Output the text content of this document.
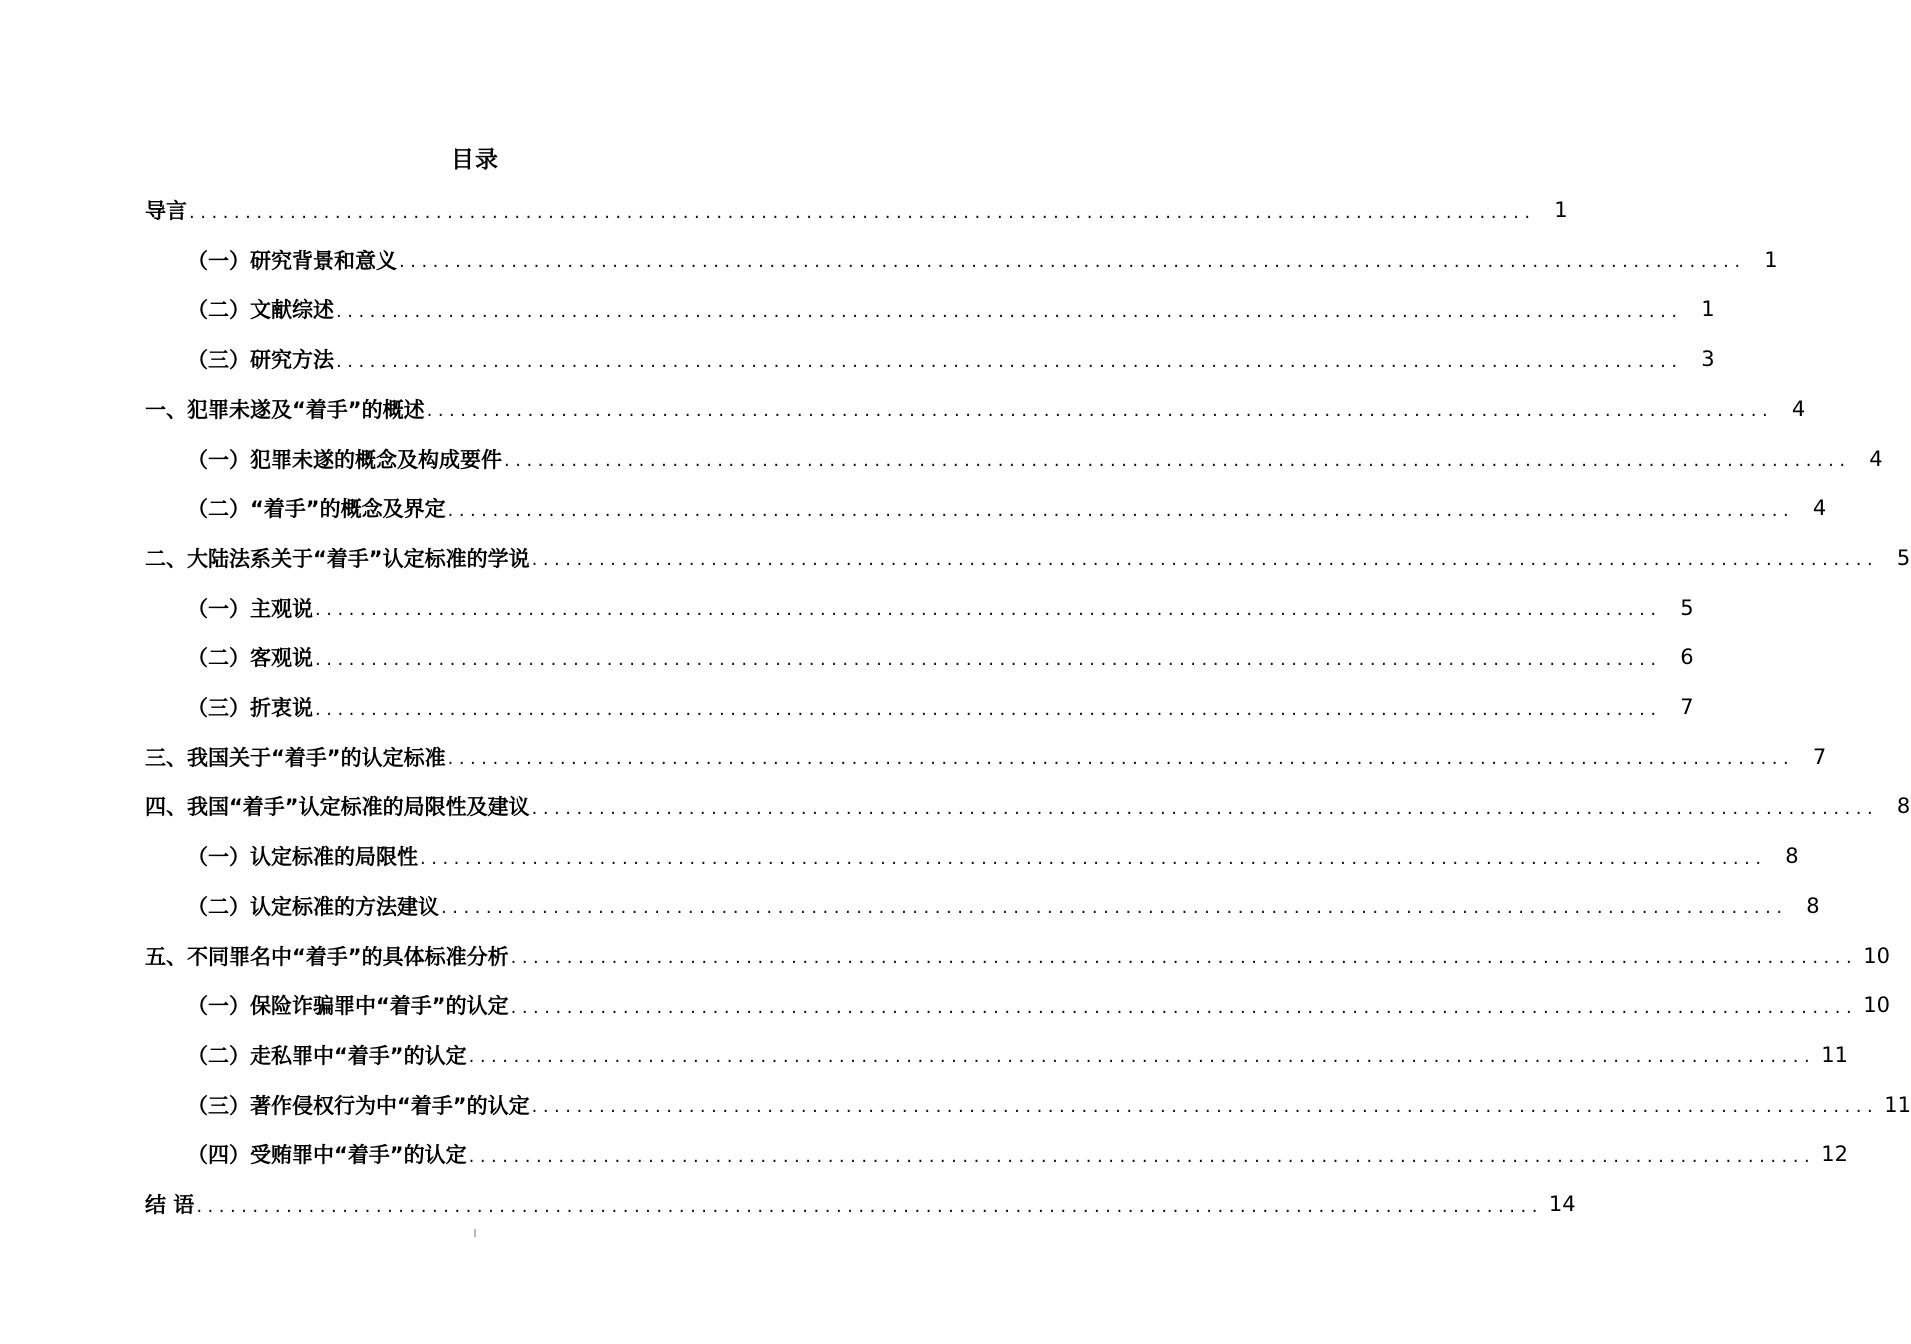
目录
导言 ........................................................................................................................ 1
（一）研究背景和意义 ........................................................................................................................ 1
（二）文献综述 ........................................................................................................................ 1
（三）研究方法 ........................................................................................................................ 3
一、犯罪未遂及“着手”的概述 ........................................................................................................................ 4
（一）犯罪未遂的概念及构成要件 ........................................................................................................................ 4
（二）“着手”的概念及界定 ........................................................................................................................ 4
二、大陆法系关于“着手”认定标准的学说 ........................................................................................................................ 5
（一）主观说 ........................................................................................................................ 5
（二）客观说 ........................................................................................................................ 6
（三）折衷说 ........................................................................................................................ 7
三、我国关于“着手”的认定标准 ........................................................................................................................ 7
四、我国“着手”认定标准的局限性及建议 ........................................................................................................................ 8
（一）认定标准的局限性 ........................................................................................................................ 8
（二）认定标准的方法建议 ........................................................................................................................ 8
五、不同罪名中“着手”的具体标准分析 ........................................................................................................................ 10
（一）保险诈骗罪中“着手”的认定 ........................................................................................................................ 10
（二）走私罪中“着手”的认定 ........................................................................................................................ 11
（三）著作侵权行为中“着手”的认定 ........................................................................................................................ 11
（四）受贿罪中“着手”的认定 ........................................................................................................................ 12
结 语 ........................................................................................................................ 14
I
